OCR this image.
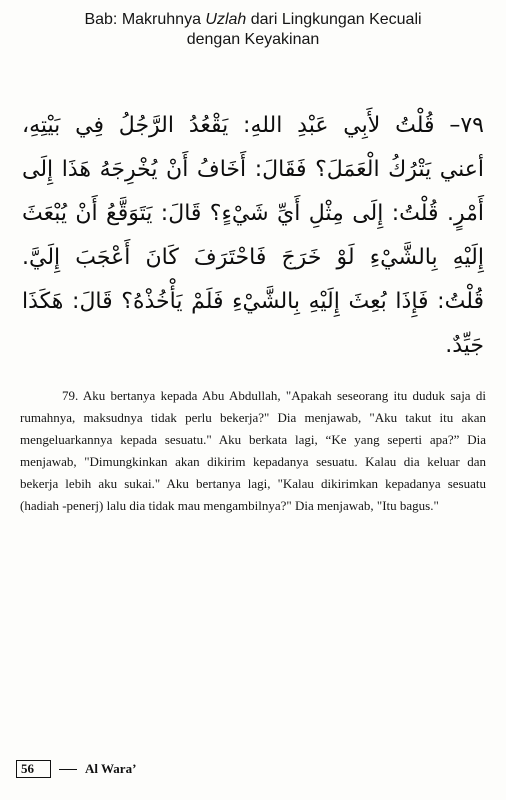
Bab: Makruhnya Uzlah dari Lingkungan Kecuali
dengan Keyakinan
٧٩– قُلْتُ لأَبِي عَبْدِ اللهِ: يَقْعُدُ الرَّجُلُ فِي بَيْتِهِ،
أعني يَتْرُكُ الْعَمَلَ؟ فَقَالَ: أَخَافُ أَنْ يُخْرِجَهُ هَذَا إِلَى
أَمْرٍ. قُلْتُ: إِلَى مِثْلِ أَيِّ شَيْءٍ؟ قَالَ: يَتَوَقَّعُ أَنْ يُبْعَثَ
إِلَيْهِ بِالشَّيْءِ لَوْ خَرَجَ فَاحْتَرَفَ كَانَ أَعْجَبَ إِلَيَّ.
قُلْتُ: فَإِذَا بُعِثَ إِلَيْهِ بِالشَّيْءِ فَلَمْ يَأْخُذْهُ؟ قَالَ: هَكَذَا
جَيِّدٌ.

79. Aku bertanya kepada Abu Abdullah, "Apakah seseorang itu duduk saja di rumahnya, maksudnya tidak perlu bekerja?" Dia menjawab, "Aku takut itu akan mengeluarkannya kepada sesuatu." Aku berkata lagi, “Ke yang seperti apa?” Dia menjawab, "Dimungkinkan akan dikirim kepadanya sesuatu. Kalau dia keluar dan bekerja lebih aku sukai." Aku bertanya lagi, "Kalau dikirimkan kepadanya sesuatu (hadiah -penerj) lalu dia tidak mau mengambilnya?" Dia menjawab, "Itu bagus."

56	Al Wara’
